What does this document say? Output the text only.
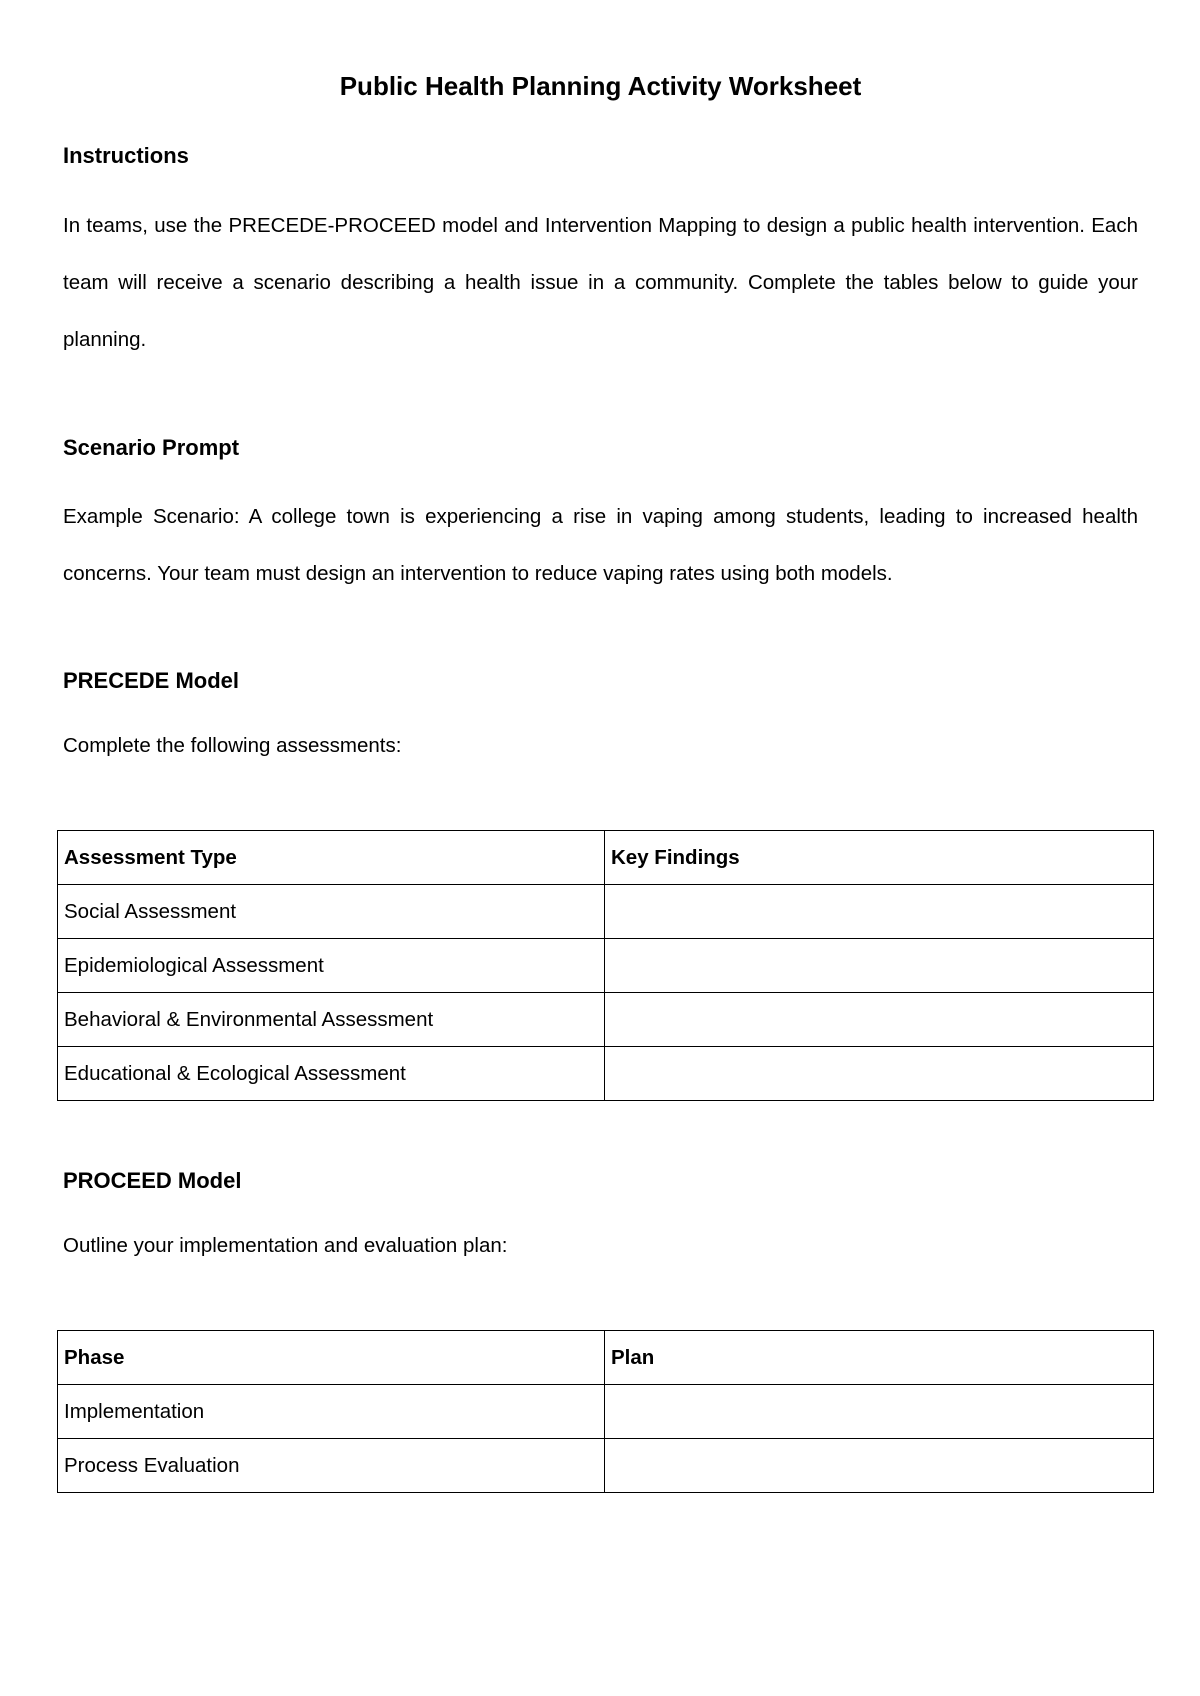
Public Health Planning Activity Worksheet
Instructions

In teams, use the PRECEDE-PROCEED model and Intervention Mapping to design a public health intervention. Each team will receive a scenario describing a health issue in a community. Complete the tables below to guide your planning.

Scenario Prompt

Example Scenario: A college town is experiencing a rise in vaping among students, leading to increased health concerns. Your team must design an intervention to reduce vaping rates using both models.

PRECEDE Model

Complete the following assessments:

Assessment Type	Key Findings
Social Assessment	
Epidemiological Assessment	
Behavioral & Environmental Assessment	
Educational & Ecological Assessment	
PROCEED Model

Outline your implementation and evaluation plan:

Phase	Plan
Implementation	
Process Evaluation	
